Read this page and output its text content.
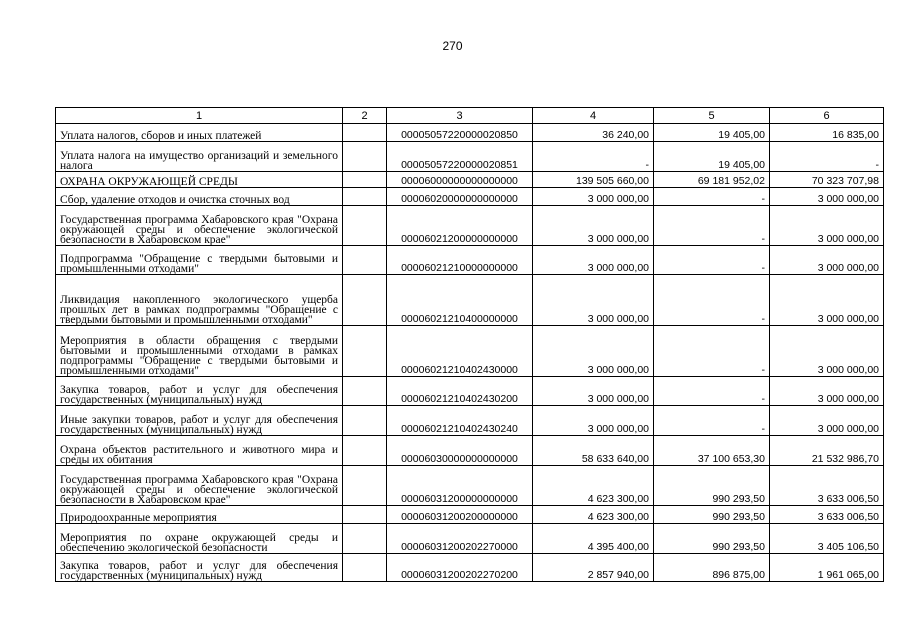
270
1	2	3	4	5	6
Уплата налогов, сборов и иных платежей		00005057220000020850	36 240,00	19 405,00	16 835,00
Уплата налога на имущество организаций и земельного налога		00005057220000020851	-	19 405,00	-
ОХРАНА ОКРУЖАЮЩЕЙ СРЕДЫ		00006000000000000000	139 505 660,00	69 181 952,02	70 323 707,98
Сбор, удаление отходов и очистка сточных вод		00006020000000000000	3 000 000,00	-	3 000 000,00
Государственная программа Хабаровского края "Охрана окружающей среды и обеспечение экологической безопасности в Хабаровском крае"		00006021200000000000	3 000 000,00	-	3 000 000,00
Подпрограмма "Обращение с твердыми бытовыми и промышленными отходами"		00006021210000000000	3 000 000,00	-	3 000 000,00
Ликвидация накопленного экологического ущерба прошлых лет в рамках подпрограммы "Обращение с твердыми бытовыми и промышленными отходами"		00006021210400000000	3 000 000,00	-	3 000 000,00
Мероприятия в области обращения с твердыми бытовыми и промышленными отходами в рамках подпрограммы "Обращение с твердыми бытовыми и промышленными отходами"		00006021210402430000	3 000 000,00	-	3 000 000,00
Закупка товаров, работ и услуг для обеспечения государственных (муниципальных) нужд		00006021210402430200	3 000 000,00	-	3 000 000,00
Иные закупки товаров, работ и услуг для обеспечения государственных (муниципальных) нужд		00006021210402430240	3 000 000,00	-	3 000 000,00
Охрана объектов растительного и животного мира и среды их обитания		00006030000000000000	58 633 640,00	37 100 653,30	21 532 986,70
Государственная программа Хабаровского края "Охрана окружающей среды и обеспечение экологической безопасности в Хабаровском крае"		00006031200000000000	4 623 300,00	990 293,50	3 633 006,50
Природоохранные мероприятия		00006031200200000000	4 623 300,00	990 293,50	3 633 006,50
Мероприятия по охране окружающей среды и обеспечению экологической безопасности		00006031200202270000	4 395 400,00	990 293,50	3 405 106,50
Закупка товаров, работ и услуг для обеспечения государственных (муниципальных) нужд		00006031200202270200	2 857 940,00	896 875,00	1 961 065,00
